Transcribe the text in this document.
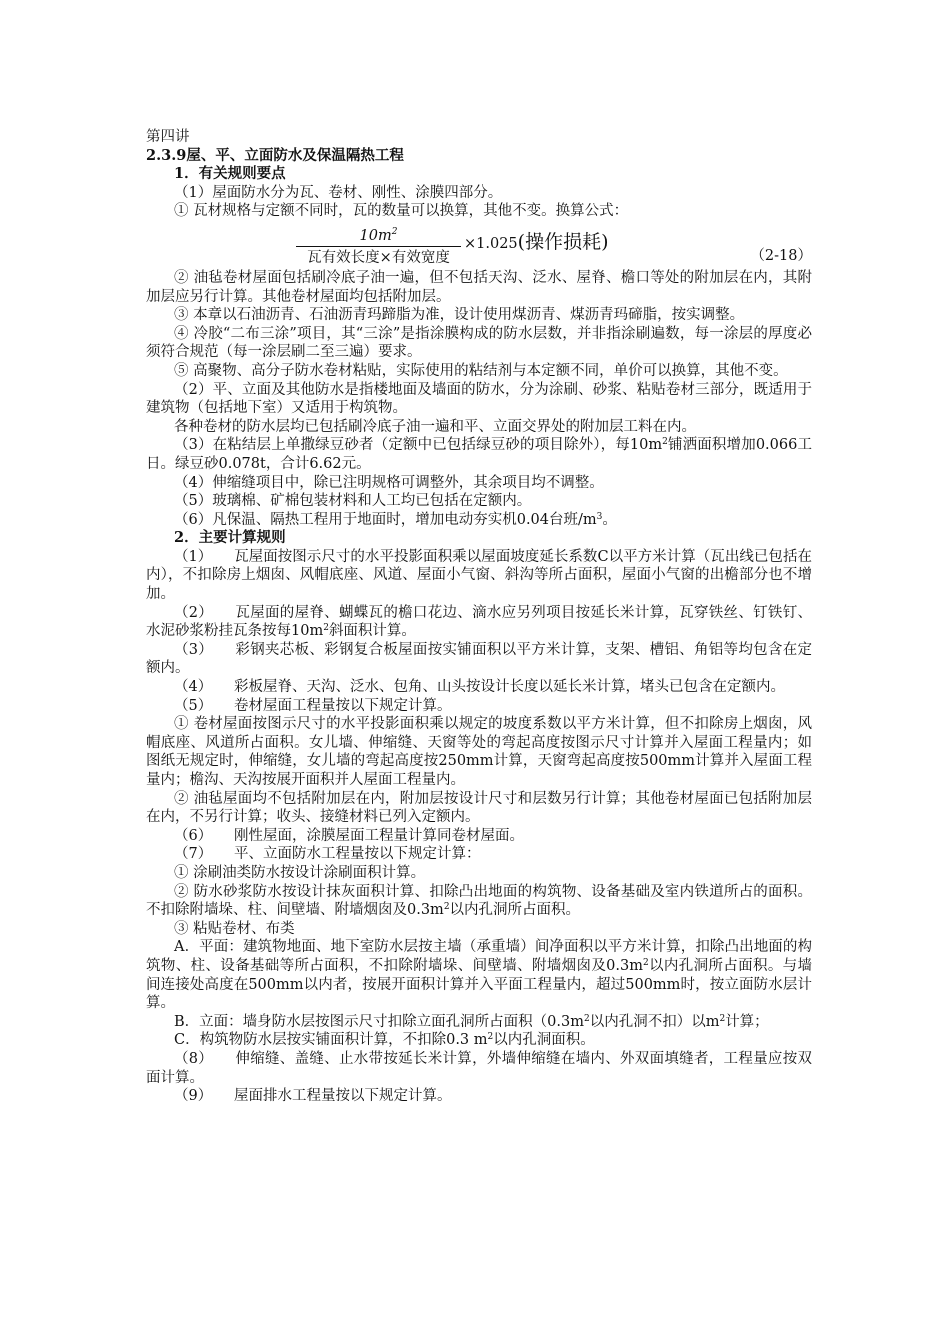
第四讲

2.3.9屋、平、立面防水及保温隔热工程

1．有关规则要点

（1）屋面防水分为瓦、卷材、刚性、涂膜四部分。

① 瓦材规格与定额不同时，瓦的数量可以换算，其他不变。换算公式：

$10m^2$
瓦有效长度×有效宽度
×1.025(操作损耗)
（2-18）

② 油毡卷材屋面包括刷冷底子油一遍，但不包括天沟、泛水、屋脊、檐口等处的附加层在内，其附加层应另行计算。其他卷材屋面均包括附加层。

③ 本章以石油沥青、石油沥青玛蹄脂为准，设计使用煤沥青、煤沥青玛碲脂，按实调整。

④ 冷胶“二布三涂”项目，其“三涂”是指涂膜构成的防水层数，并非指涂刷遍数，每一涂层的厚度必须符合规范（每一涂层刷二至三遍）要求。

⑤ 高聚物、高分子防水卷材粘贴，实际使用的粘结剂与本定额不同，单价可以换算，其他不变。

（2）平、立面及其他防水是指楼地面及墙面的防水，分为涂刷、砂浆、粘贴卷材三部分，既适用于建筑物（包括地下室）又适用于构筑物。

各种卷材的防水层均已包括刷冷底子油一遍和平、立面交界处的附加层工料在内。

（3）在粘结层上单撒绿豆砂者（定额中已包括绿豆砂的项目除外），每$10m^2$铺洒面积增加0.066工日。绿豆砂0.078t，合计6.62元。

（4）伸缩缝项目中，除已注明规格可调整外，其余项目均不调整。

（5）玻璃棉、矿棉包装材料和人工均已包括在定额内。

（6）凡保温、隔热工程用于地面时，增加电动夯实机0.04台班$/m^3$。

2．主要计算规则

（1）　　瓦屋面按图示尺寸的水平投影面积乘以屋面坡度延长系数C以平方米计算（瓦出线已包括在内），不扣除房上烟囱、风帽底座、风道、屋面小气窗、斜沟等所占面积，屋面小气窗的出檐部分也不增加。

（2）　　瓦屋面的屋脊、蝴蝶瓦的檐口花边、滴水应另列项目按延长米计算，瓦穿铁丝、钉铁钉、水泥砂浆粉挂瓦条按每$10m^2$斜面积计算。

（3）　　彩钢夹芯板、彩钢复合板屋面按实铺面积以平方米计算，支架、槽铝、角铝等均包含在定额内。

（4）　　彩板屋脊、天沟、泛水、包角、山头按设计长度以延长米计算，堵头已包含在定额内。

（5）　　卷材屋面工程量按以下规定计算。

① 卷材屋面按图示尺寸的水平投影面积乘以规定的坡度系数以平方米计算，但不扣除房上烟囱，风帽底座、风道所占面积。女儿墙、伸缩缝、天窗等处的弯起高度按图示尺寸计算并入屋面工程量内；如图纸无规定时，伸缩缝，女儿墙的弯起高度按250mm计算，天窗弯起高度按500mm计算并入屋面工程量内；檐沟、天沟按展开面积并人屋面工程量内。

② 油毡屋面均不包括附加层在内，附加层按设计尺寸和层数另行计算；其他卷材屋面已包括附加层在内，不另行计算；收头、接缝材料已列入定额内。

（6）　　刚性屋面，涂膜屋面工程量计算同卷材屋面。

（7）　　平、立面防水工程量按以下规定计算：

① 涂刷油类防水按设计涂刷面积计算。

② 防水砂浆防水按设计抹灰面积计算、扣除凸出地面的构筑物、设备基础及室内铁道所占的面积。不扣除附墙垛、柱、间壁墙、附墙烟囱及$0.3m^2$以内孔洞所占面积。

③ 粘贴卷材、布类

A．平面：建筑物地面、地下室防水层按主墙（承重墙）间净面积以平方米计算，扣除凸出地面的构筑物、柱、设备基础等所占面积，不扣除附墙垛、间壁墙、附墙烟囱及$0.3m^2$以内孔洞所占面积。与墙间连接处高度在500mm以内者，按展开面积计算并入平面工程量内，超过500mm时，按立面防水层计算。

B．立面：墙身防水层按图示尺寸扣除立面孔洞所占面积（$0.3m^2$以内孔洞不扣）以$m^2$计算；

C．构筑物防水层按实铺面积计算，不扣除0.3 $m^2$以内孔洞面积。

（8）　　伸缩缝、盖缝、止水带按延长米计算，外墙伸缩缝在墙内、外双面填缝者，工程量应按双面计算。

（9）　　屋面排水工程量按以下规定计算。
